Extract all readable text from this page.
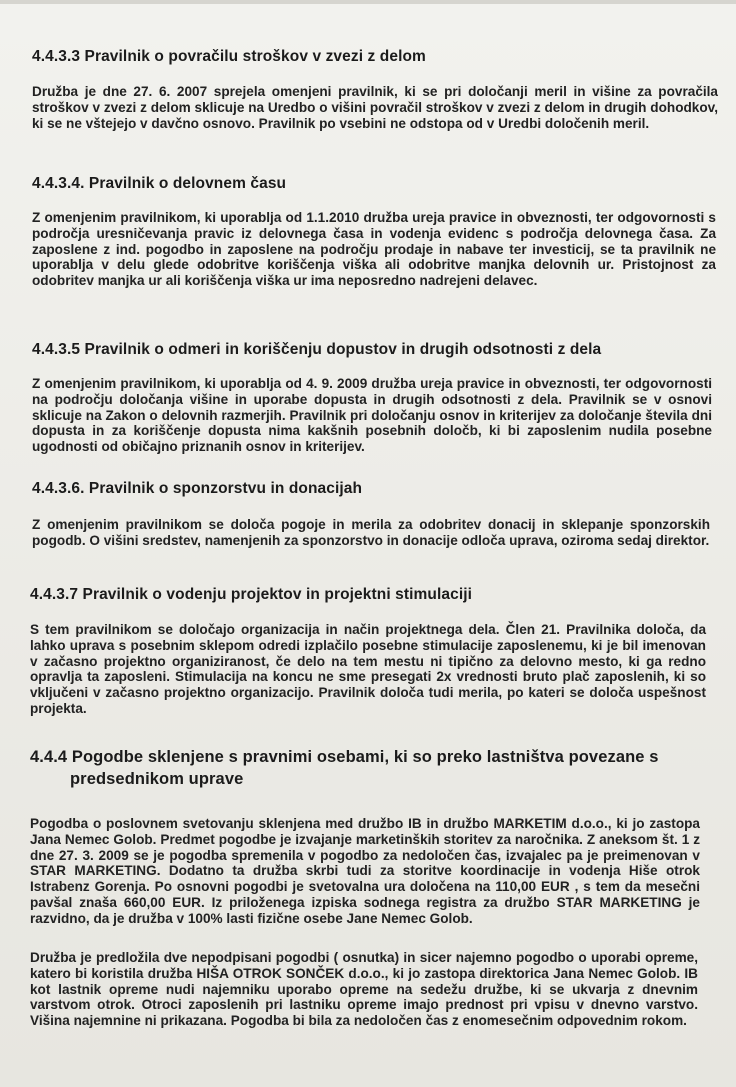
4.4.3.3 Pravilnik o povračilu stroškov v zvezi z delom
Družba je dne 27. 6. 2007 sprejela omenjeni pravilnik, ki se pri določanji meril in višine za povračila stroškov v zvezi z delom sklicuje na Uredbo o višini povračil stroškov v zvezi z delom in drugih dohodkov, ki se ne vštejejo v davčno osnovo. Pravilnik po vsebini ne odstopa od v Uredbi določenih meril.
4.4.3.4. Pravilnik o delovnem času
Z omenjenim pravilnikom, ki uporablja od 1.1.2010 družba ureja pravice in obveznosti, ter odgovornosti s področja uresničevanja pravic iz delovnega časa in vodenja evidenc s področja delovnega časa. Za zaposlene z ind. pogodbo in zaposlene na področju prodaje in nabave ter investicij, se ta pravilnik ne uporablja v delu glede odobritve koriščenja viška ali odobritve manjka delovnih ur. Pristojnost za odobritev manjka ur ali koriščenja viška ur ima neposredno nadrejeni delavec.
4.4.3.5 Pravilnik o odmeri in koriščenju dopustov in drugih odsotnosti z dela
Z omenjenim pravilnikom, ki uporablja od 4. 9. 2009 družba ureja pravice in obveznosti, ter odgovornosti na področju določanja višine in uporabe dopusta in drugih odsotnosti z dela. Pravilnik se v osnovi sklicuje na Zakon o delovnih razmerjih. Pravilnik pri določanju osnov in kriterijev za določanje števila dni dopusta in za koriščenje dopusta nima kakšnih posebnih določb, ki bi zaposlenim nudila posebne ugodnosti od običajno priznanih osnov in kriterijev.
4.4.3.6. Pravilnik o sponzorstvu in donacijah
Z omenjenim pravilnikom se določa pogoje in merila za odobritev donacij in sklepanje sponzorskih pogodb. O višini sredstev, namenjenih za sponzorstvo in donacije odloča uprava, oziroma sedaj direktor.
4.4.3.7 Pravilnik o vodenju projektov in projektni stimulaciji
S tem pravilnikom se določajo organizacija in način projektnega dela. Člen 21. Pravilnika določa, da lahko uprava s posebnim sklepom odredi izplačilo posebne stimulacije zaposlenemu, ki je bil imenovan v začasno projektno organiziranost, če delo na tem mestu ni tipično za delovno mesto, ki ga redno opravlja ta zaposleni. Stimulacija na koncu ne sme presegati 2x vrednosti bruto plač zaposlenih, ki so vključeni v začasno projektno organizacijo. Pravilnik določa tudi merila, po kateri se določa uspešnost projekta.
4.4.4 Pogodbe sklenjene s pravnimi osebami, ki so preko lastništva povezane s predsednikom uprave
Pogodba o poslovnem svetovanju sklenjena med družbo IB in družbo MARKETIM d.o.o., ki jo zastopa Jana Nemec Golob. Predmet pogodbe je izvajanje marketinških storitev za naročnika. Z aneksom št. 1 z dne 27. 3. 2009 se je pogodba spremenila v pogodbo za nedoločen čas, izvajalec pa je preimenovan v STAR MARKETING. Dodatno ta družba skrbi tudi za storitve koordinacije in vodenja Hiše otrok Istrabenz Gorenja. Po osnovni pogodbi je svetovalna ura določena na 110,00 EUR , s tem da mesečni pavšal znaša 660,00 EUR. Iz priloženega izpiska sodnega registra za družbo STAR MARKETING je razvidno, da je družba v 100% lasti fizične osebe Jane Nemec Golob.
Družba je predložila dve nepodpisani pogodbi ( osnutka) in sicer najemno pogodbo o uporabi opreme, katero bi koristila družba HIŠA OTROK SONČEK d.o.o., ki jo zastopa direktorica Jana Nemec Golob. IB kot lastnik opreme nudi najemniku uporabo opreme na sedežu družbe, ki se ukvarja z dnevnim varstvom otrok. Otroci zaposlenih pri lastniku opreme imajo prednost pri vpisu v dnevno varstvo. Višina najemnine ni prikazana. Pogodba bi bila za nedoločen čas z enomesečnim odpovednim rokom.
